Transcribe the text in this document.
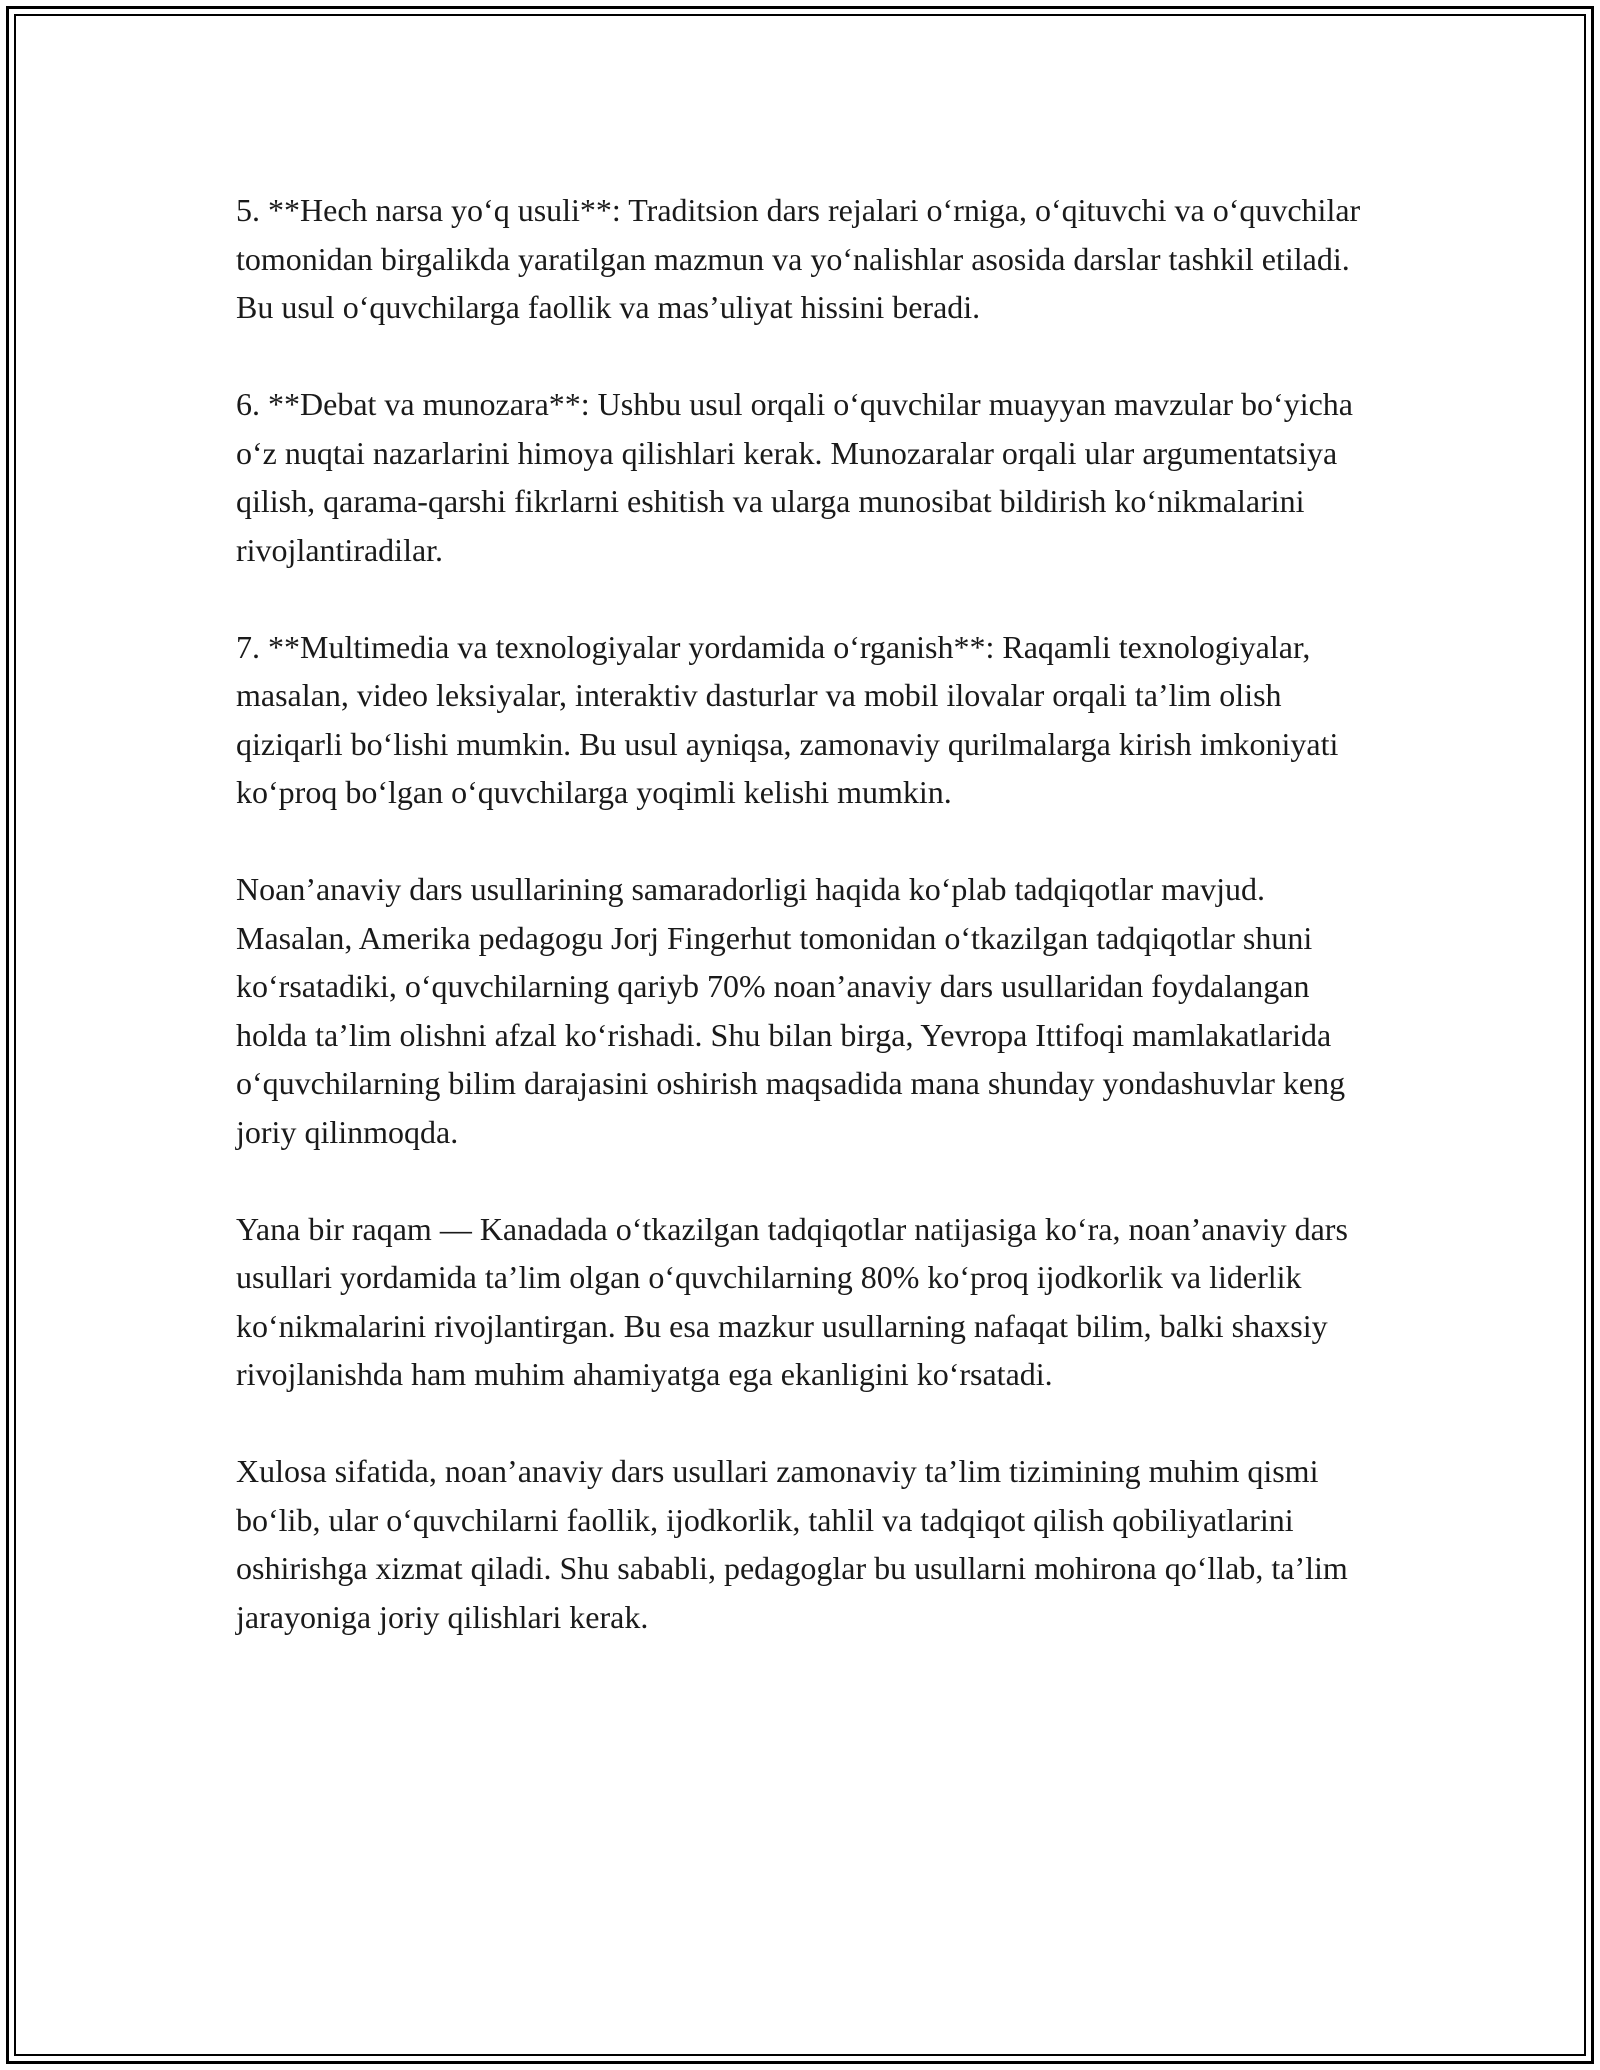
5. **Hech narsa yo‘q usuli**: Traditsion dars rejalari o‘rniga, o‘qituvchi va o‘quvchilar tomonidan birgalikda yaratilgan mazmun va yo‘nalishlar asosida darslar tashkil etiladi. Bu usul o‘quvchilarga faollik va mas’uliyat hissini beradi.

6. **Debat va munozara**: Ushbu usul orqali o‘quvchilar muayyan mavzular bo‘yicha o‘z nuqtai nazarlarini himoya qilishlari kerak. Munozaralar orqali ular argumentatsiya qilish, qarama-qarshi fikrlarni eshitish va ularga munosibat bildirish ko‘nikmalarini rivojlantiradilar.

7. **Multimedia va texnologiyalar yordamida o‘rganish**: Raqamli texnologiyalar, masalan, video leksiyalar, interaktiv dasturlar va mobil ilovalar orqali ta’lim olish qiziqarli bo‘lishi mumkin. Bu usul ayniqsa, zamonaviy qurilmalarga kirish imkoniyati ko‘proq bo‘lgan o‘quvchilarga yoqimli kelishi mumkin.

Noan’anaviy dars usullarining samaradorligi haqida ko‘plab tadqiqotlar mavjud. Masalan, Amerika pedagogu Jorj Fingerhut tomonidan o‘tkazilgan tadqiqotlar shuni ko‘rsatadiki, o‘quvchilarning qariyb 70% noan’anaviy dars usullaridan foydalangan holda ta’lim olishni afzal ko‘rishadi. Shu bilan birga, Yevropa Ittifoqi mamlakatlarida o‘quvchilarning bilim darajasini oshirish maqsadida mana shunday yondashuvlar keng joriy qilinmoqda.

Yana bir raqam — Kanadada o‘tkazilgan tadqiqotlar natijasiga ko‘ra, noan’anaviy dars usullari yordamida ta’lim olgan o‘quvchilarning 80% ko‘proq ijodkorlik va liderlik ko‘nikmalarini rivojlantirgan. Bu esa mazkur usullarning nafaqat bilim, balki shaxsiy rivojlanishda ham muhim ahamiyatga ega ekanligini ko‘rsatadi.

Xulosa sifatida, noan’anaviy dars usullari zamonaviy ta’lim tizimining muhim qismi bo‘lib, ular o‘quvchilarni faollik, ijodkorlik, tahlil va tadqiqot qilish qobiliyatlarini oshirishga xizmat qiladi. Shu sababli, pedagoglar bu usullarni mohirona qo‘llab, ta’lim jarayoniga joriy qilishlari kerak.
